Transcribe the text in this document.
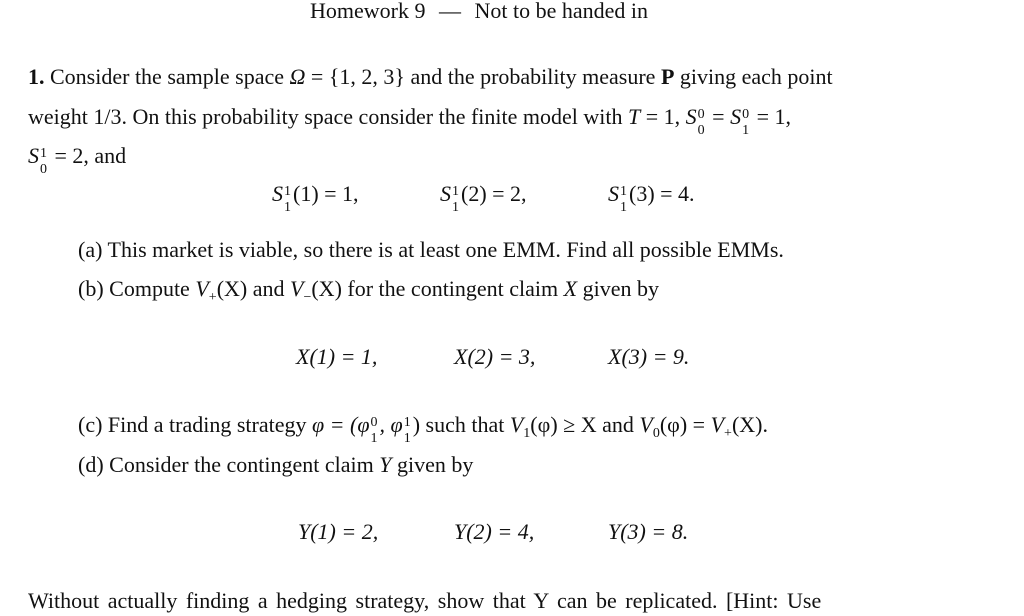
Homework 9 — Not to be handed in
1. Consider the sample space Ω = {1, 2, 3} and the probability measure P giving each point
weight 1/3. On this probability space consider the finite model with T = 1, S 0
0
= S 0
1
= 1,
S 1
0
= 2, and
S 1
1
(1) = 1,	S 1
1
(2) = 2,	S 1
1
(3) = 4.
(a) This market is viable, so there is at least one EMM. Find all possible EMMs.
(b) Compute $V_+(X)$ and $V_-(X)$ for the contingent claim X given by
X(1) = 1,	X(2) = 3,	X(3) = 9.
(c) Find a trading strategy φ = (φ 0
1
, φ 1
1
) such that $V_1(\varphi) \ge X$ and $V_0(\varphi) = V_+(X)$.
(d) Consider the contingent claim Y given by
Y(1) = 2,	Y(2) = 4,	Y(3) = 8.
Without actually finding a hedging strategy, show that Y can be replicated. [Hint: Use
